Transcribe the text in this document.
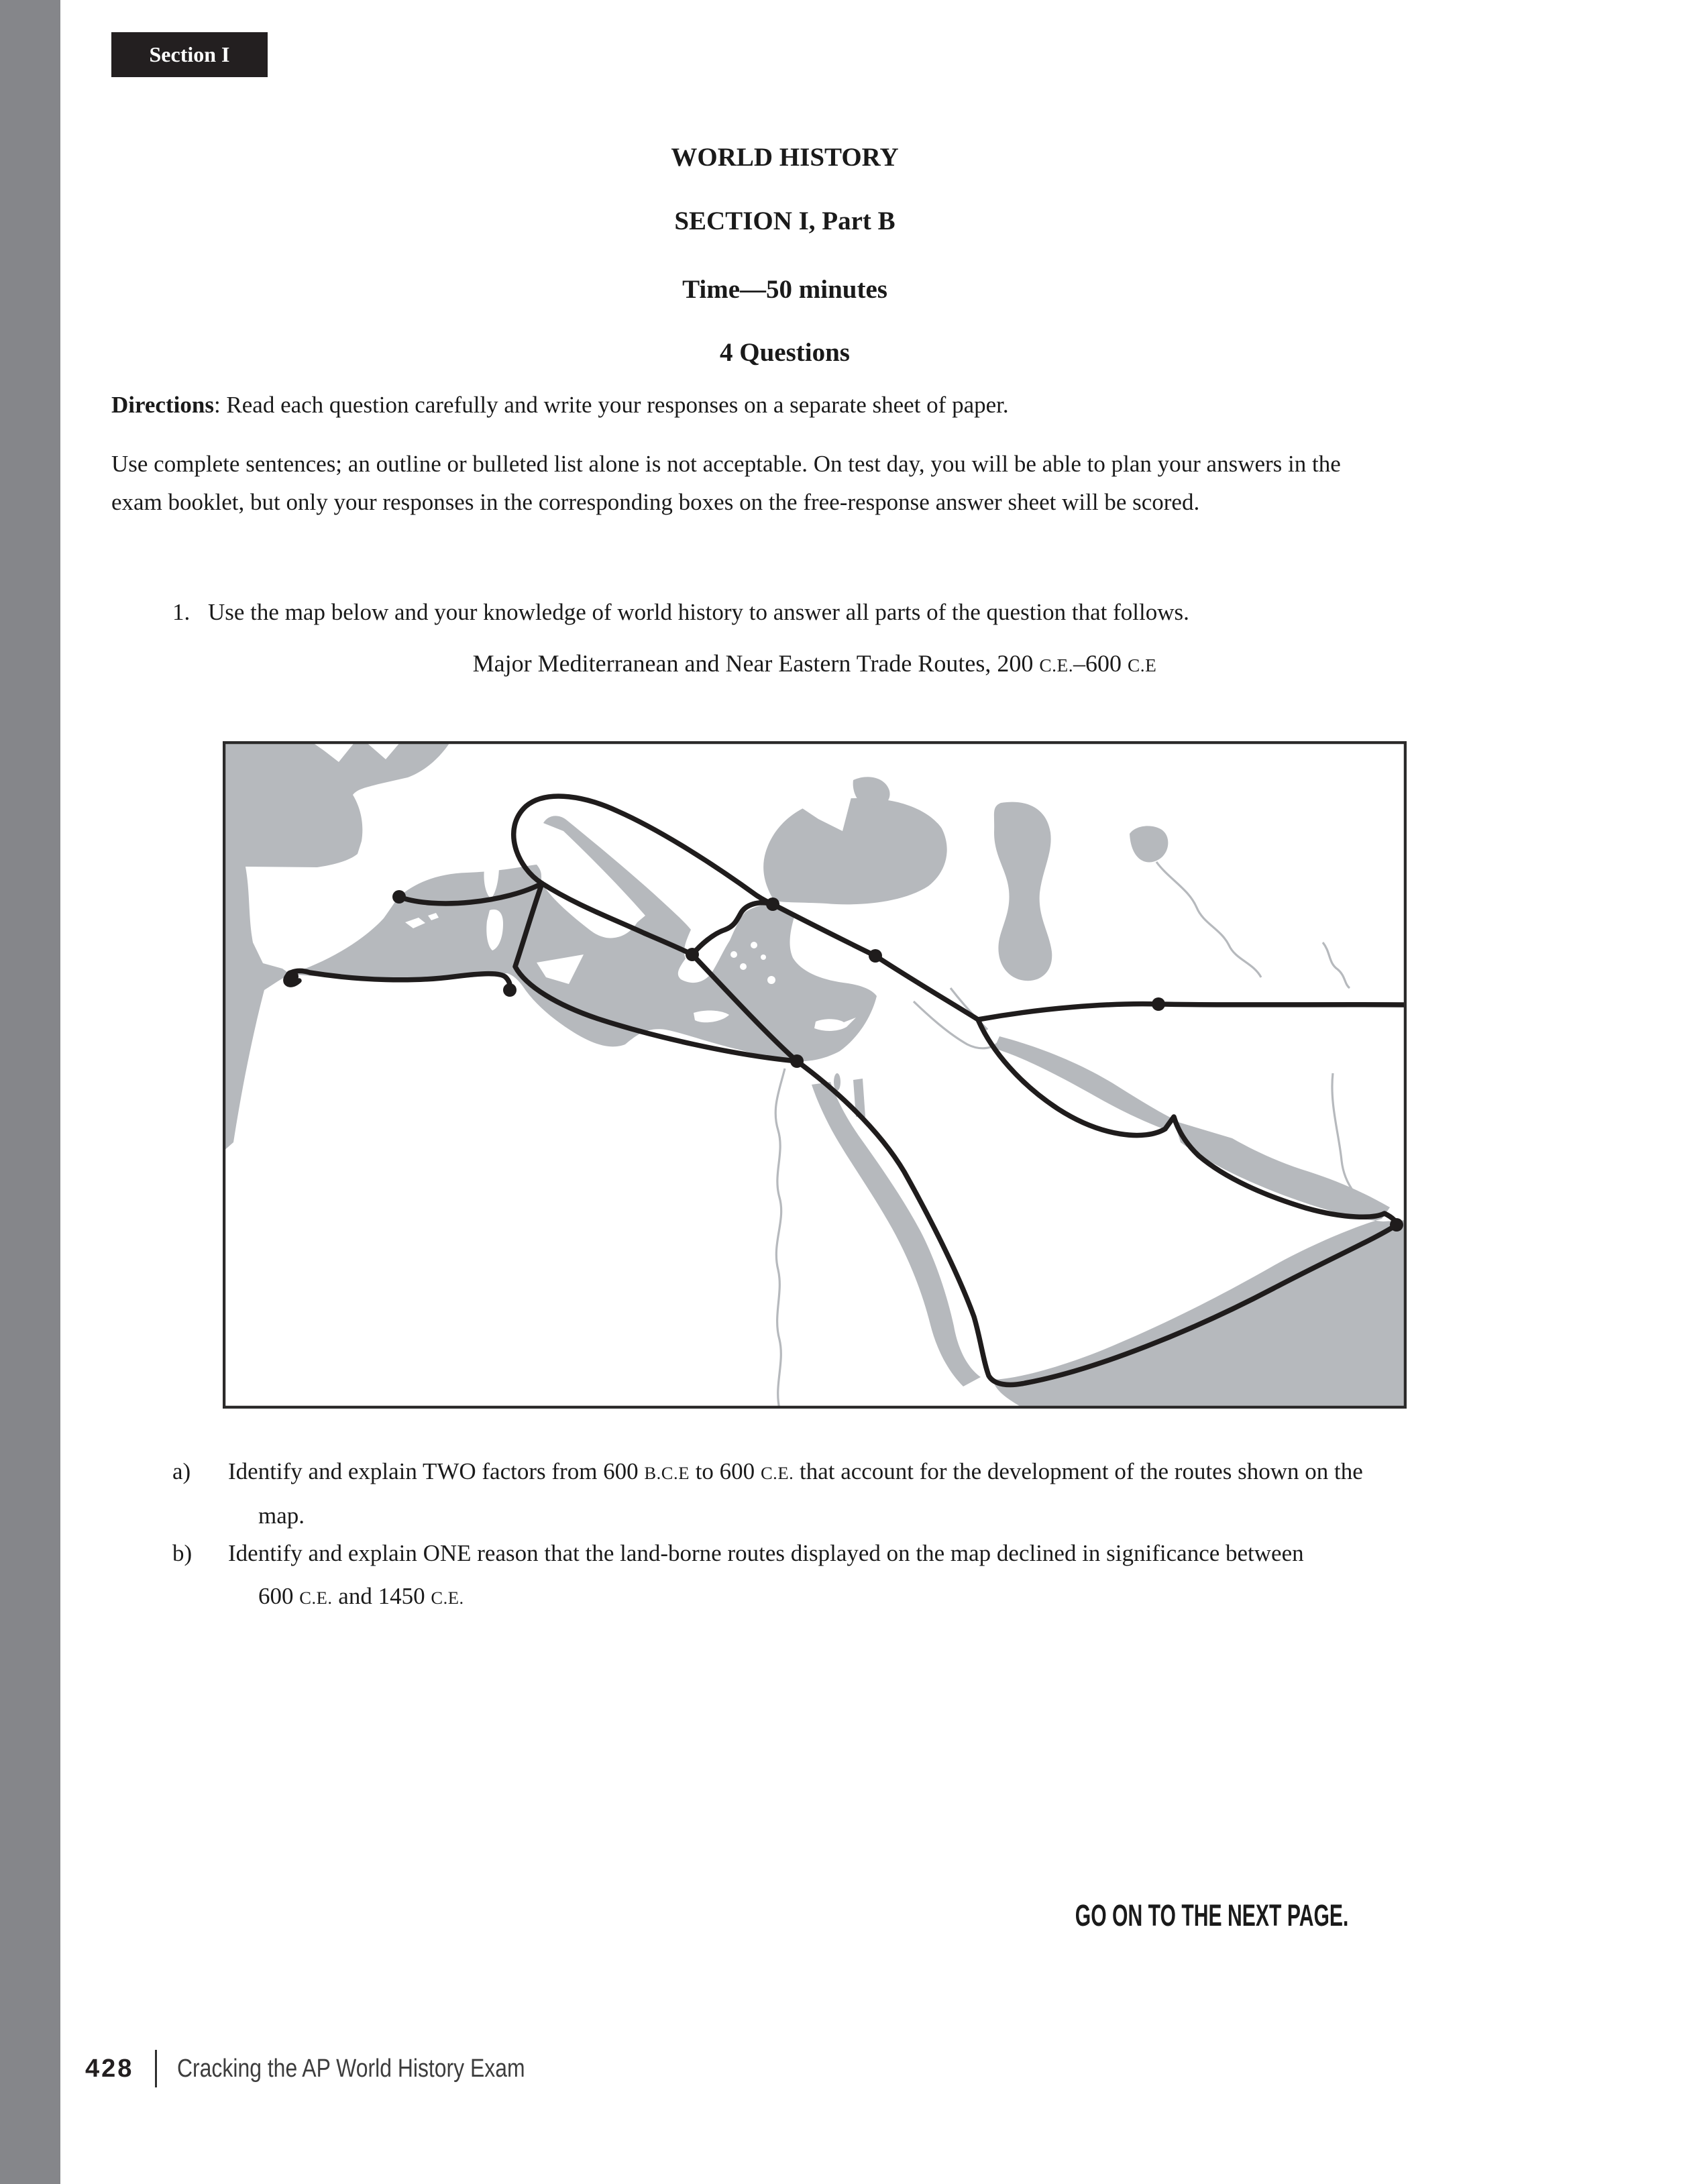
Section I
WORLD HISTORY
SECTION I, Part B
Time—50 minutes
4 Questions
Directions: Read each question carefully and write your responses on a separate sheet of paper.
Use complete sentences; an outline or bulleted list alone is not acceptable. On test day, you will be able to plan your answers in the
exam booklet, but only your responses in the corresponding boxes on the free-response answer sheet will be scored.
1. Use the map below and your knowledge of world history to answer all parts of the question that follows.
Major Mediterranean and Near Eastern Trade Routes, 200 C.E.–600 C.E
a) Identify and explain TWO factors from 600 B.C.E to 600 C.E. that account for the development of the routes shown on the
map.
b) Identify and explain ONE reason that the land-borne routes displayed on the map declined in significance between
600 C.E. and 1450 C.E.
GO ON TO THE NEXT PAGE.
428 Cracking the AP World History Exam
